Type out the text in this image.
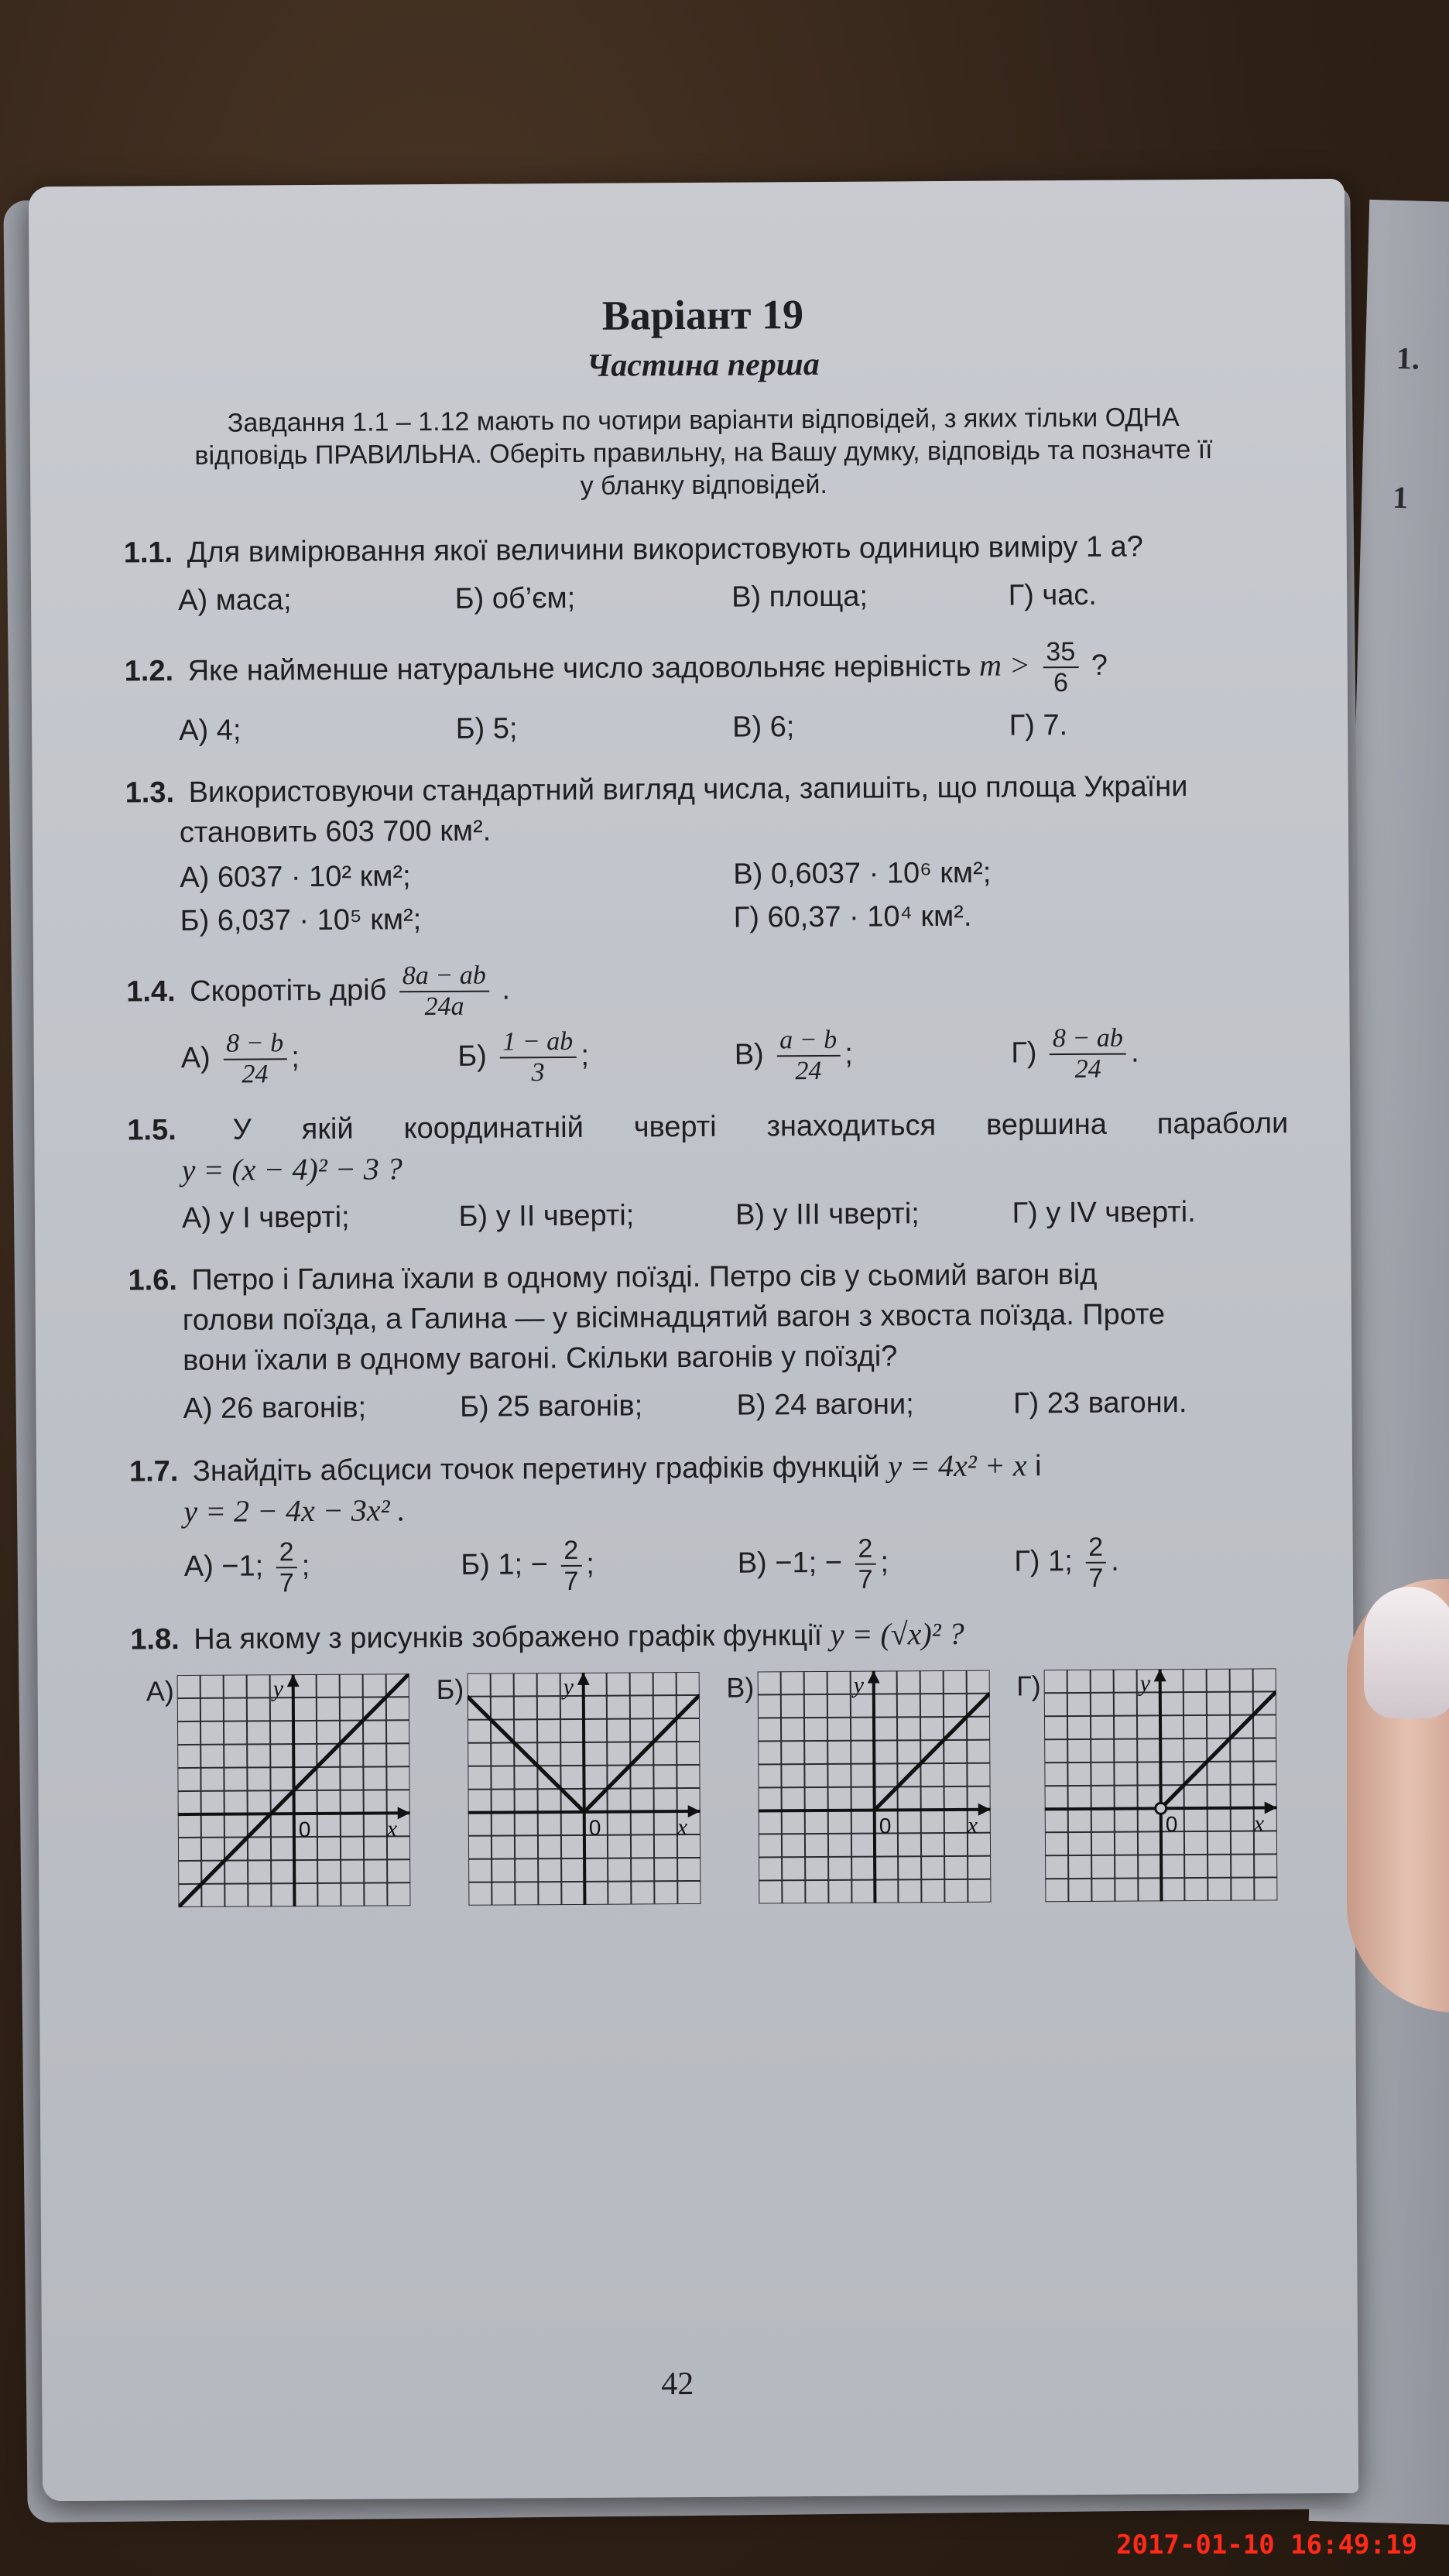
1.
1
Варіант 19
Частина перша
Завдання 1.1 – 1.12 мають по чотири варіанти відповідей, з яких тільки ОДНА
відповідь ПРАВИЛЬНА. Оберіть правильну, на Вашу думку, відповідь та позначте її
у бланку відповідей.
1.1. Для вимірювання якої величини використовують одиницю виміру 1 а?
А) маса;	Б) об’єм;	В) площа;	Г) час.
1.2. Яке найменше натуральне число задовольняє нерівність $m > \frac{35}{6}$ ?
А) 4;	Б) 5;	В) 6;	Г) 7.
1.3. Використовуючи стандартний вигляд числа, запишіть, що площа України
становить 603 700 км².
А) 6037 · 10² км²;	В) 0,6037 · 10⁶ км²;
Б) 6,037 · 10⁵ км²;	Г) 60,37 · 10⁴ км².
1.4. Скоротіть дріб $\frac{8a - ab}{24a}$ .
$А) \frac{8 - b}{24}$ ;	$Б) \frac{1 - ab}{3}$ ;	$В) \frac{a - b}{24}$ ;	$Г) \frac{8 - ab}{24}$ .
1.5. У якій координатній чверті знаходиться вершина параболи
y = (x − 4)² − 3 ?
А) у I чверті;	Б) у II чверті;	В) у III чверті;	Г) у IV чверті.
1.6. Петро і Галина їхали в одному поїзді. Петро сів у сьомий вагон від
голови поїзда, а Галина — у вісімнадцятий вагон з хвоста поїзда. Проте
вони їхали в одному вагоні. Скільки вагонів у поїзді?
А) 26 вагонів;	Б) 25 вагонів;	В) 24 вагони;	Г) 23 вагони.
1.7. Знайдіть абсциси точок перетину графіків функцій y = 4x² + x і
y = 2 − 4x − 3x² .
А) −1; $\frac{2}{7}$ ;	Б) 1; − $\frac{2}{7}$ ;	В) −1; − $\frac{2}{7}$ ;	Г) 1; $\frac{2}{7}$ .
1.8. На якому з рисунків зображено графік функції y = (√x)² ?
А)	y
x
0
Б)	y
x
0
В)	y
x
0
Г)	y
x
0
42
2017-01-10 16:49:19
